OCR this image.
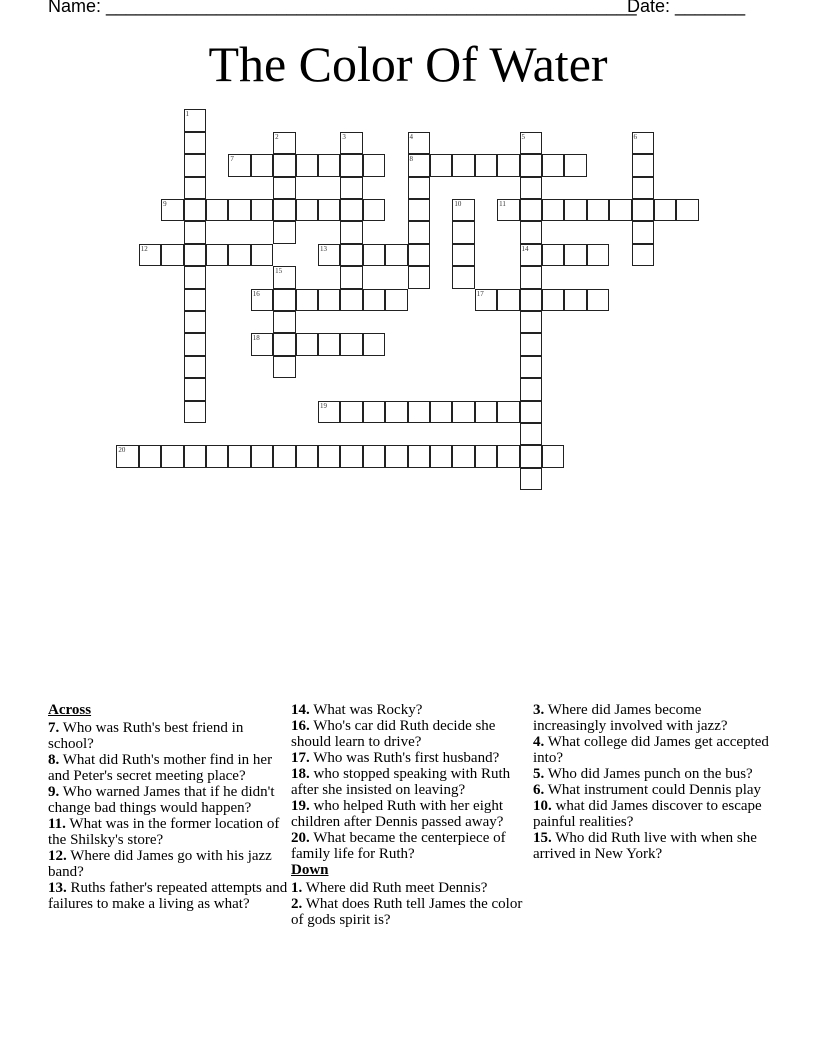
Name: _____________________________________________________
Date: _______
The Color Of Water
1
2	3	4
8
5
14
6
7
9	10	11
12	13
15
16	17
18
19
20
Across
7. Who was Ruth's best friend in school?
8. What did Ruth's mother find in her and Peter's secret meeting place?
9. Who warned James that if he didn't change bad things would happen?
11. What was in the former location of the Shilsky's store?
12. Where did James go with his jazz band?
13. Ruths father's repeated attempts and failures to make a living as what?
14. What was Rocky?
16. Who's car did Ruth decide she should learn to drive?
17. Who was Ruth's first husband?
18. who stopped speaking with Ruth after she insisted on leaving?
19. who helped Ruth with her eight children after Dennis passed away?
20. What became the centerpiece of family life for Ruth?
Down
1. Where did Ruth meet Dennis?
2. What does Ruth tell James the color of gods spirit is?
3. Where did James become increasingly involved with jazz?
4. What college did James get accepted into?
5. Who did James punch on the bus?
6. What instrument could Dennis play
10. what did James discover to escape painful realities?
15. Who did Ruth live with when she arrived in New York?
